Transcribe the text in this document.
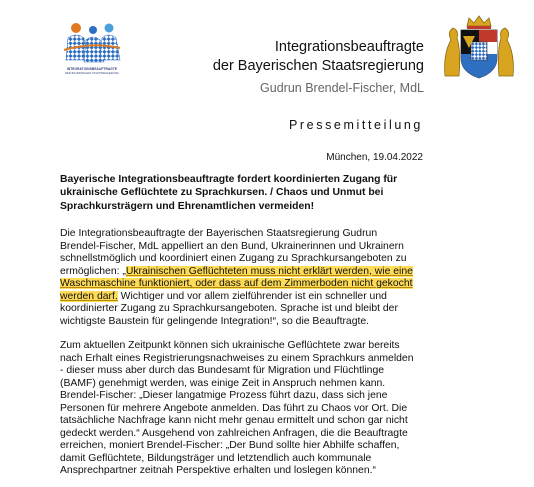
INTEGRATIONSBEAUFTRAGTE
DER BAYERISCHEN STAATSREGIERUNG
Integrationsbeauftragte
der Bayerischen Staatsregierung
Gudrun Brendel-Fischer, MdL
Pressemitteilung
München, 19.04.2022
Bayerische Integrationsbeauftragte fordert koordinierten Zugang für
ukrainische Geflüchtete zu Sprachkursen. / Chaos und Unmut bei
Sprachkursträgern und Ehrenamtlichen vermeiden!
Die Integrationsbeauftragte der Bayerischen Staatsregierung Gudrun
Brendel-Fischer, MdL appelliert an den Bund, Ukrainerinnen und Ukrainern
schnellstmöglich und koordiniert einen Zugang zu Sprachkursangeboten zu
ermöglichen: „Ukrainischen Geflüchteten muss nicht erklärt werden, wie eine
Waschmaschine funktioniert, oder dass auf dem Zimmerboden nicht gekocht
werden darf. Wichtiger und vor allem zielführender ist ein schneller und
koordinierter Zugang zu Sprachkursangeboten. Sprache ist und bleibt der
wichtigste Baustein für gelingende Integration!“, so die Beauftragte.
Zum aktuellen Zeitpunkt können sich ukrainische Geflüchtete zwar bereits
nach Erhalt eines Registrierungsnachweises zu einem Sprachkurs anmelden
- dieser muss aber durch das Bundesamt für Migration und Flüchtlinge
(BAMF) genehmigt werden, was einige Zeit in Anspruch nehmen kann.
Brendel-Fischer: „Dieser langatmige Prozess führt dazu, dass sich jene
Personen für mehrere Angebote anmelden. Das führt zu Chaos vor Ort. Die
tatsächliche Nachfrage kann nicht mehr genau ermittelt und schon gar nicht
gedeckt werden.“ Ausgehend von zahlreichen Anfragen, die die Beauftragte
erreichen, moniert Brendel-Fischer: „Der Bund sollte hier Abhilfe schaffen,
damit Geflüchtete, Bildungsträger und letztendlich auch kommunale
Ansprechpartner zeitnah Perspektive erhalten und loslegen können.“
